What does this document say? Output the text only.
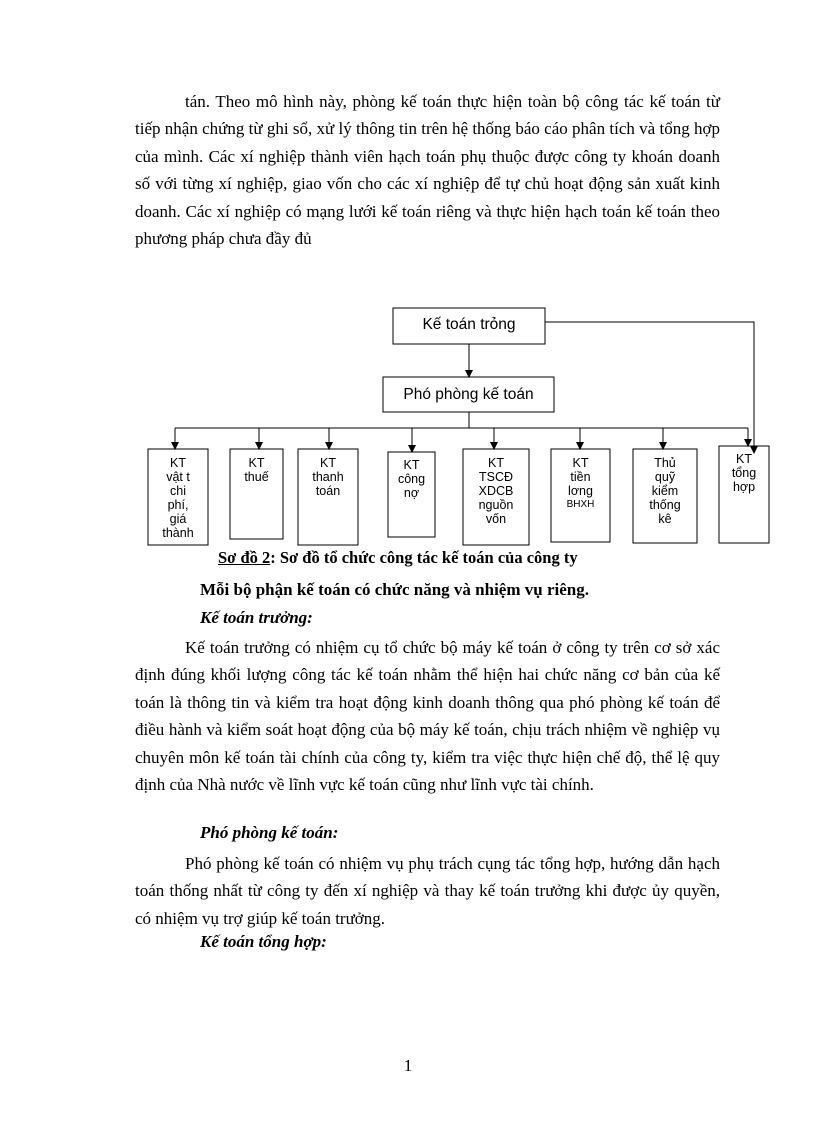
tán. Theo mô hình này, phòng kế toán thực hiện toàn bộ công tác kế toán từ tiếp nhận chứng từ ghi sổ, xử lý thông tin trên hệ thống báo cáo phân tích và tổng hợp của mình. Các xí nghiệp thành viên hạch toán phụ thuộc được công ty khoán doanh số với từng xí nghiệp, giao vốn cho các xí nghiệp để tự chủ hoạt động sản xuất kinh doanh. Các xí nghiệp có mạng lưới kế toán riêng và thực hiện hạch toán kế toán theo phương pháp chưa đầy đủ

Kế toán trỏng
Phó phòng kế toán
KT
vật t
chi
phí,
giá
thành
KT
thuế
KT
thanh
toán
KT
công
nợ
KT
TSCĐ
XDCB
nguồn
vốn
KT
tiền
lơng
BHXH
Thủ
quỹ
kiểm
thống
kê
KT
tổng
hợp

Sơ đồ 2: Sơ đồ tổ chức công tác kế toán của công ty

Mỗi bộ phận kế toán có chức năng và nhiệm vụ riêng.

Kế toán trưởng:

Kế toán trưởng có nhiệm cụ tổ chức bộ máy kế toán ở công ty trên cơ sở xác định đúng khối lượng công tác kế toán nhằm thể hiện hai chức năng cơ bản của kế toán là thông tin và kiểm tra hoạt động kinh doanh thông qua phó phòng kế toán để điều hành và kiểm soát hoạt động của bộ máy kế toán, chịu trách nhiệm về nghiệp vụ chuyên môn kế toán tài chính của công ty, kiểm tra việc thực hiện chế độ, thể lệ quy định của Nhà nước về lĩnh vực kế toán cũng như lĩnh vực tài chính.

Phó phòng kế toán:

Phó phòng kế toán có nhiệm vụ phụ trách cụng tác tổng hợp, hướng dẫn hạch toán thống nhất từ công ty đến xí nghiệp và thay kế toán trưởng khi được ủy quyền, có nhiệm vụ trợ giúp kế toán trưởng.

Kế toán tổng hợp:

1
